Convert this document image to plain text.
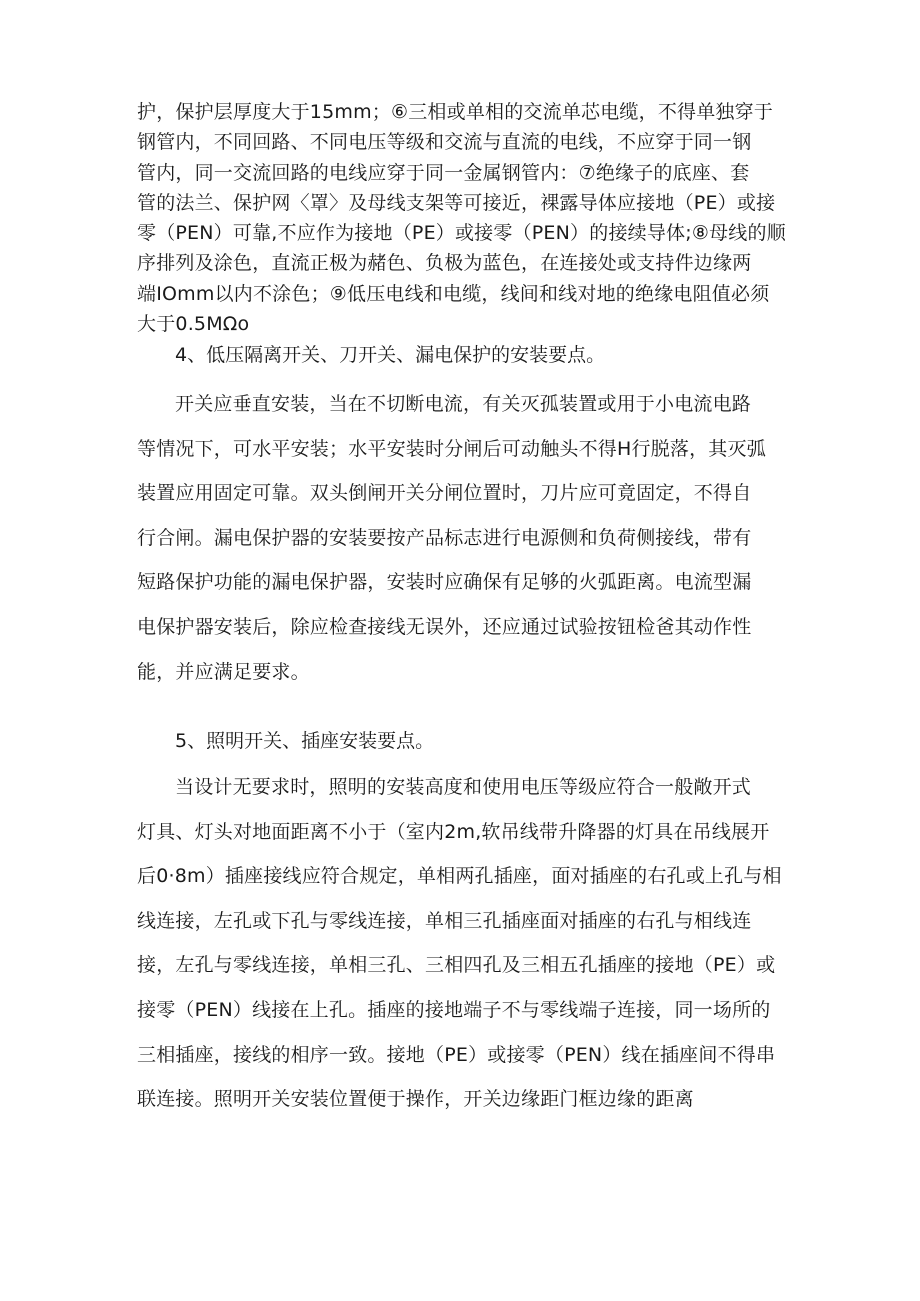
护，保护层厚度大于15mm；⑥三相或单相的交流单芯电缆，不得单独穿于
钢管内，不同回路、不同电压等级和交流与直流的电线，不应穿于同一钢
管内，同一交流回路的电线应穿于同一金属钢管内：⑦绝缘子的底座、套
管的法兰、保护网〈罩〉及母线支架等可接近，裸露导体应接地（PE）或接
零（PEN）可靠,不应作为接地（PE）或接零（PEN）的接续导体;⑧母线的顺
序排列及涂色，直流正极为赭色、负极为蓝色，在连接处或支持件边缘两
端IOmm以内不涂色；⑨低压电线和电缆，线间和线对地的绝缘电阻值必须
大于0.5MΩo
4、低压隔离开关、刀开关、漏电保护的安装要点。
开关应垂直安装，当在不切断电流，有关灭孤装置或用于小电流电路
等情况下，可水平安装；水平安装时分闸后可动触头不得H行脱落，其灭弧
装置应用固定可靠。双头倒闸开关分闸位置时，刀片应可竟固定，不得自
行合闸。漏电保护器的安装要按产品标志进行电源侧和负荷侧接线，带有
短路保护功能的漏电保护器，安装时应确保有足够的火弧距离。电流型漏
电保护器安装后，除应检查接线无误外，还应通过试验按钮检爸其动作性
能，并应满足要求。
5、照明开关、插座安装要点。
当设计无要求时，照明的安装高度和使用电压等级应符合一般敞开式
灯具、灯头对地面距离不小于（室内2m,软吊线带升降器的灯具在吊线展开
后0·8m）插座接线应符合规定，单相两孔插座，面对插座的右孔或上孔与相
线连接，左孔或下孔与零线连接，单相三孔插座面对插座的右孔与相线连
接，左孔与零线连接，单相三孔、三相四孔及三相五孔插座的接地（PE）或
接零（PEN）线接在上孔。插座的接地端子不与零线端子连接，同一场所的
三相插座，接线的相序一致。接地（PE）或接零（PEN）线在插座间不得串
联连接。照明开关安装位置便于操作，开关边缘距门框边缘的距离
